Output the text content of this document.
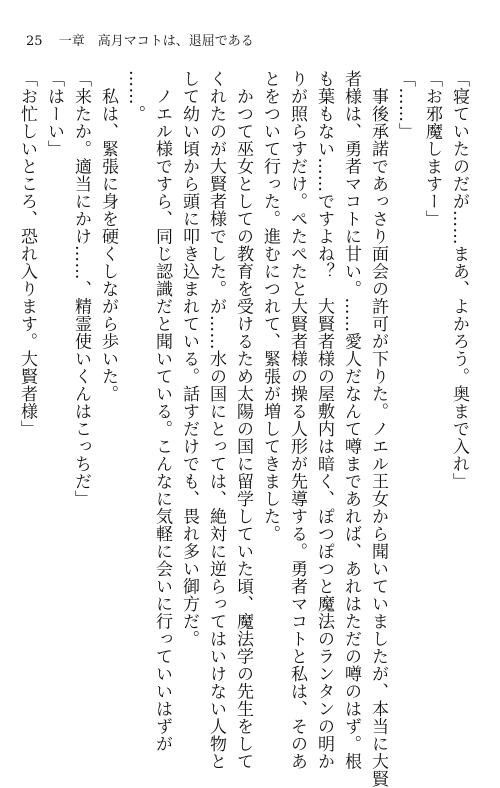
25 一章　高月マコトは、退屈である
「寝ていたのだが……まあ、よかろう。奥まで入れ」
「お邪魔しますー」
「……」
　事後承諾であっさり面会の許可が下りた。ノエル王女から聞いていましたが、本当に大賢
者様は、勇者マコトに甘い。……愛人だなんて噂まであれば、あれはただの噂のはず。根
も葉もない……ですよね？　大賢者様の屋敷内は暗く、ぽつぽつと魔法のランタンの明か
りが照らすだけ。ぺたぺたと大賢者様の操る人形が先導する。勇者マコトと私は、そのあ
とをついて行った。進むにつれて、緊張が増してきました。
　かつて巫女としての教育を受けるため太陽の国に留学していた頃、魔法学の先生をして
くれたのが大賢者様でした。が……水の国にとっては、絶対に逆らってはいけない人物と
して幼い頃から頭に叩き込まれている。話すだけでも、畏れ多い御方だ。
　ノエル様ですら、同じ認識だと聞いている。こんなに気軽に会いに行っていいはずが
……。
　私は、緊張に身を硬くしながら歩いた。
「来たか。適当にかけ……、精霊使いくんはこっちだ」
「はーい」
「お忙しいところ、恐れ入ります。大賢者様」
